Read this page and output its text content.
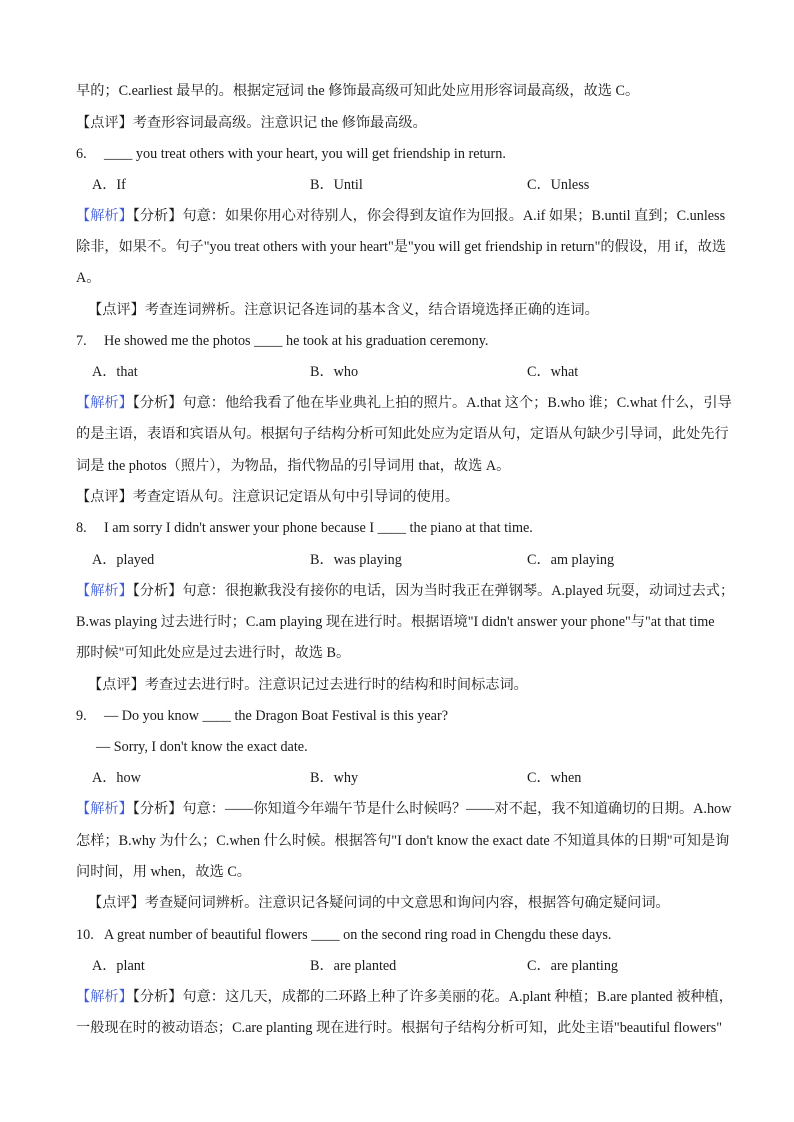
早的；C.earliest 最早的。根据定冠词 the 修饰最高级可知此处应用形容词最高级，故选 C。
【点评】考查形容词最高级。注意识记 the 修饰最高级。
6. ____ you treat others with your heart, you will get friendship in return.
A．If	B．Until	C．Unless
【解析】【分析】句意：如果你用心对待别人，你会得到友谊作为回报。A.if 如果；B.until 直到；C.unless
除非，如果不。句子"you treat others with your heart"是"you will get friendship in return"的假设，用 if，故选
A。
【点评】考查连词辨析。注意识记各连词的基本含义，结合语境选择正确的连词。
7. He showed me the photos ____ he took at his graduation ceremony.
A．that	B．who	C．what
【解析】【分析】句意：他给我看了他在毕业典礼上拍的照片。A.that 这个；B.who 谁；C.what 什么，引导
的是主语，表语和宾语从句。根据句子结构分析可知此处应为定语从句，定语从句缺少引导词，此处先行
词是 the photos（照片），为物品，指代物品的引导词用 that，故选 A。
【点评】考查定语从句。注意识记定语从句中引导词的使用。
8. I am sorry I didn't answer your phone because I ____ the piano at that time.
A．played	B．was playing	C．am playing
【解析】【分析】句意：很抱歉我没有接你的电话，因为当时我正在弹钢琴。A.played 玩耍，动词过去式；
B.was playing 过去进行时；C.am playing 现在进行时。根据语境"I didn't answer your phone"与"at that time
那时候"可知此处应是过去进行时，故选 B。
【点评】考查过去进行时。注意识记过去进行时的结构和时间标志词。
9. — Do you know ____ the Dragon Boat Festival is this year?
— Sorry, I don't know the exact date.
A．how	B．why	C．when
【解析】【分析】句意：——你知道今年端午节是什么时候吗？——对不起，我不知道确切的日期。A.how
怎样；B.why 为什么；C.when 什么时候。根据答句"I don't know the exact date 不知道具体的日期"可知是询
问时间，用 when，故选 C。
【点评】考查疑问词辨析。注意识记各疑问词的中文意思和询问内容，根据答句确定疑问词。
10. A great number of beautiful flowers ____ on the second ring road in Chengdu these days.
A．plant	B．are planted	C．are planting
【解析】【分析】句意：这几天，成都的二环路上种了许多美丽的花。A.plant 种植；B.are planted 被种植，
一般现在时的被动语态；C.are planting 现在进行时。根据句子结构分析可知，此处主语"beautiful flowers"
